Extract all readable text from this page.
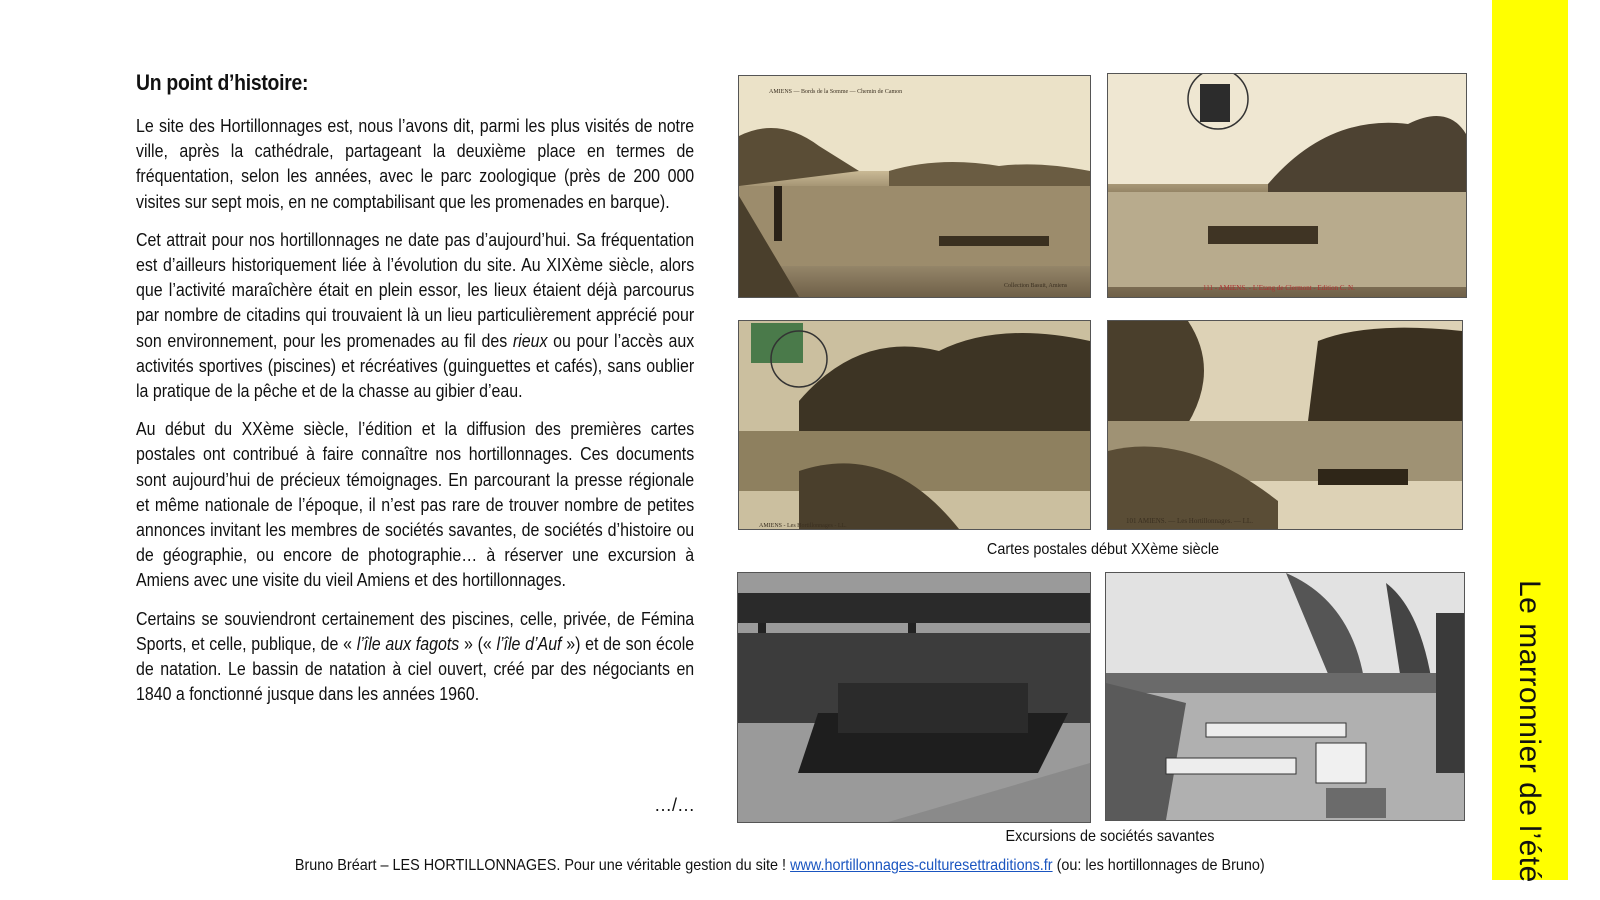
Un point d’histoire:

Le site des Hortillonnages est, nous l’avons dit, parmi les plus visités de notre ville, après la cathédrale, partageant la deuxième place en termes de fréquentation, selon les années, avec le parc zoologique (près de 200 000 visites sur sept mois, en ne comptabilisant que les promenades en barque).

Cet attrait pour nos hortillonnages ne date pas d’aujourd’hui. Sa fréquentation est d’ailleurs historiquement liée à l’évolution du site. Au XIXème siècle, alors que l’activité maraîchère était en plein essor, les lieux étaient déjà parcourus par nombre de citadins qui trouvaient là un lieu particulièrement apprécié pour son environnement, pour les promenades au fil des rieux ou pour l’accès aux activités sportives (piscines) et récréatives (guinguettes et cafés), sans oublier la pratique de la pêche et de la chasse au gibier d’eau.

Au début du XXème siècle, l’édition et la diffusion des premières cartes postales ont contribué à faire connaître nos hortillonnages. Ces documents sont aujourd’hui de précieux témoignages. En parcourant la presse régionale et même nationale de l’époque, il n’est pas rare de trouver nombre de petites annonces invitant les membres de sociétés savantes, de sociétés d’histoire ou de géographie, ou encore de photographie… à réserver une excursion à Amiens avec une visite du vieil Amiens et des hortillonnages.

Certains se souviendront certainement des piscines, celle, privée, de Fémina Sports, et celle, publique, de « l’île aux fagots » (« l’île d’Auf ») et de son école de natation. Le bassin de natation à ciel ouvert, créé par des négociants en 1840 a fonctionné jusque dans les années 1960.

…/…
AMIENS — Bords de la Somme — Chemin de Camon
Collection Basuit, Amiens	111 - AMIENS. - L’Etang de Clermont - Edition C. N.
AMIENS - Les Hortillonnages - LL.
101 AMIENS. — Les Hortillonnages. — LL.
Cartes postales début XXème siècle
Excursions de sociétés savantes
Bruno Bréart – LES HORTILLONNAGES. Pour une véritable gestion du site ! www.hortillonnages-culturesettraditions.fr (ou: les hortillonnages de Bruno)	Le marronnier de l’été
